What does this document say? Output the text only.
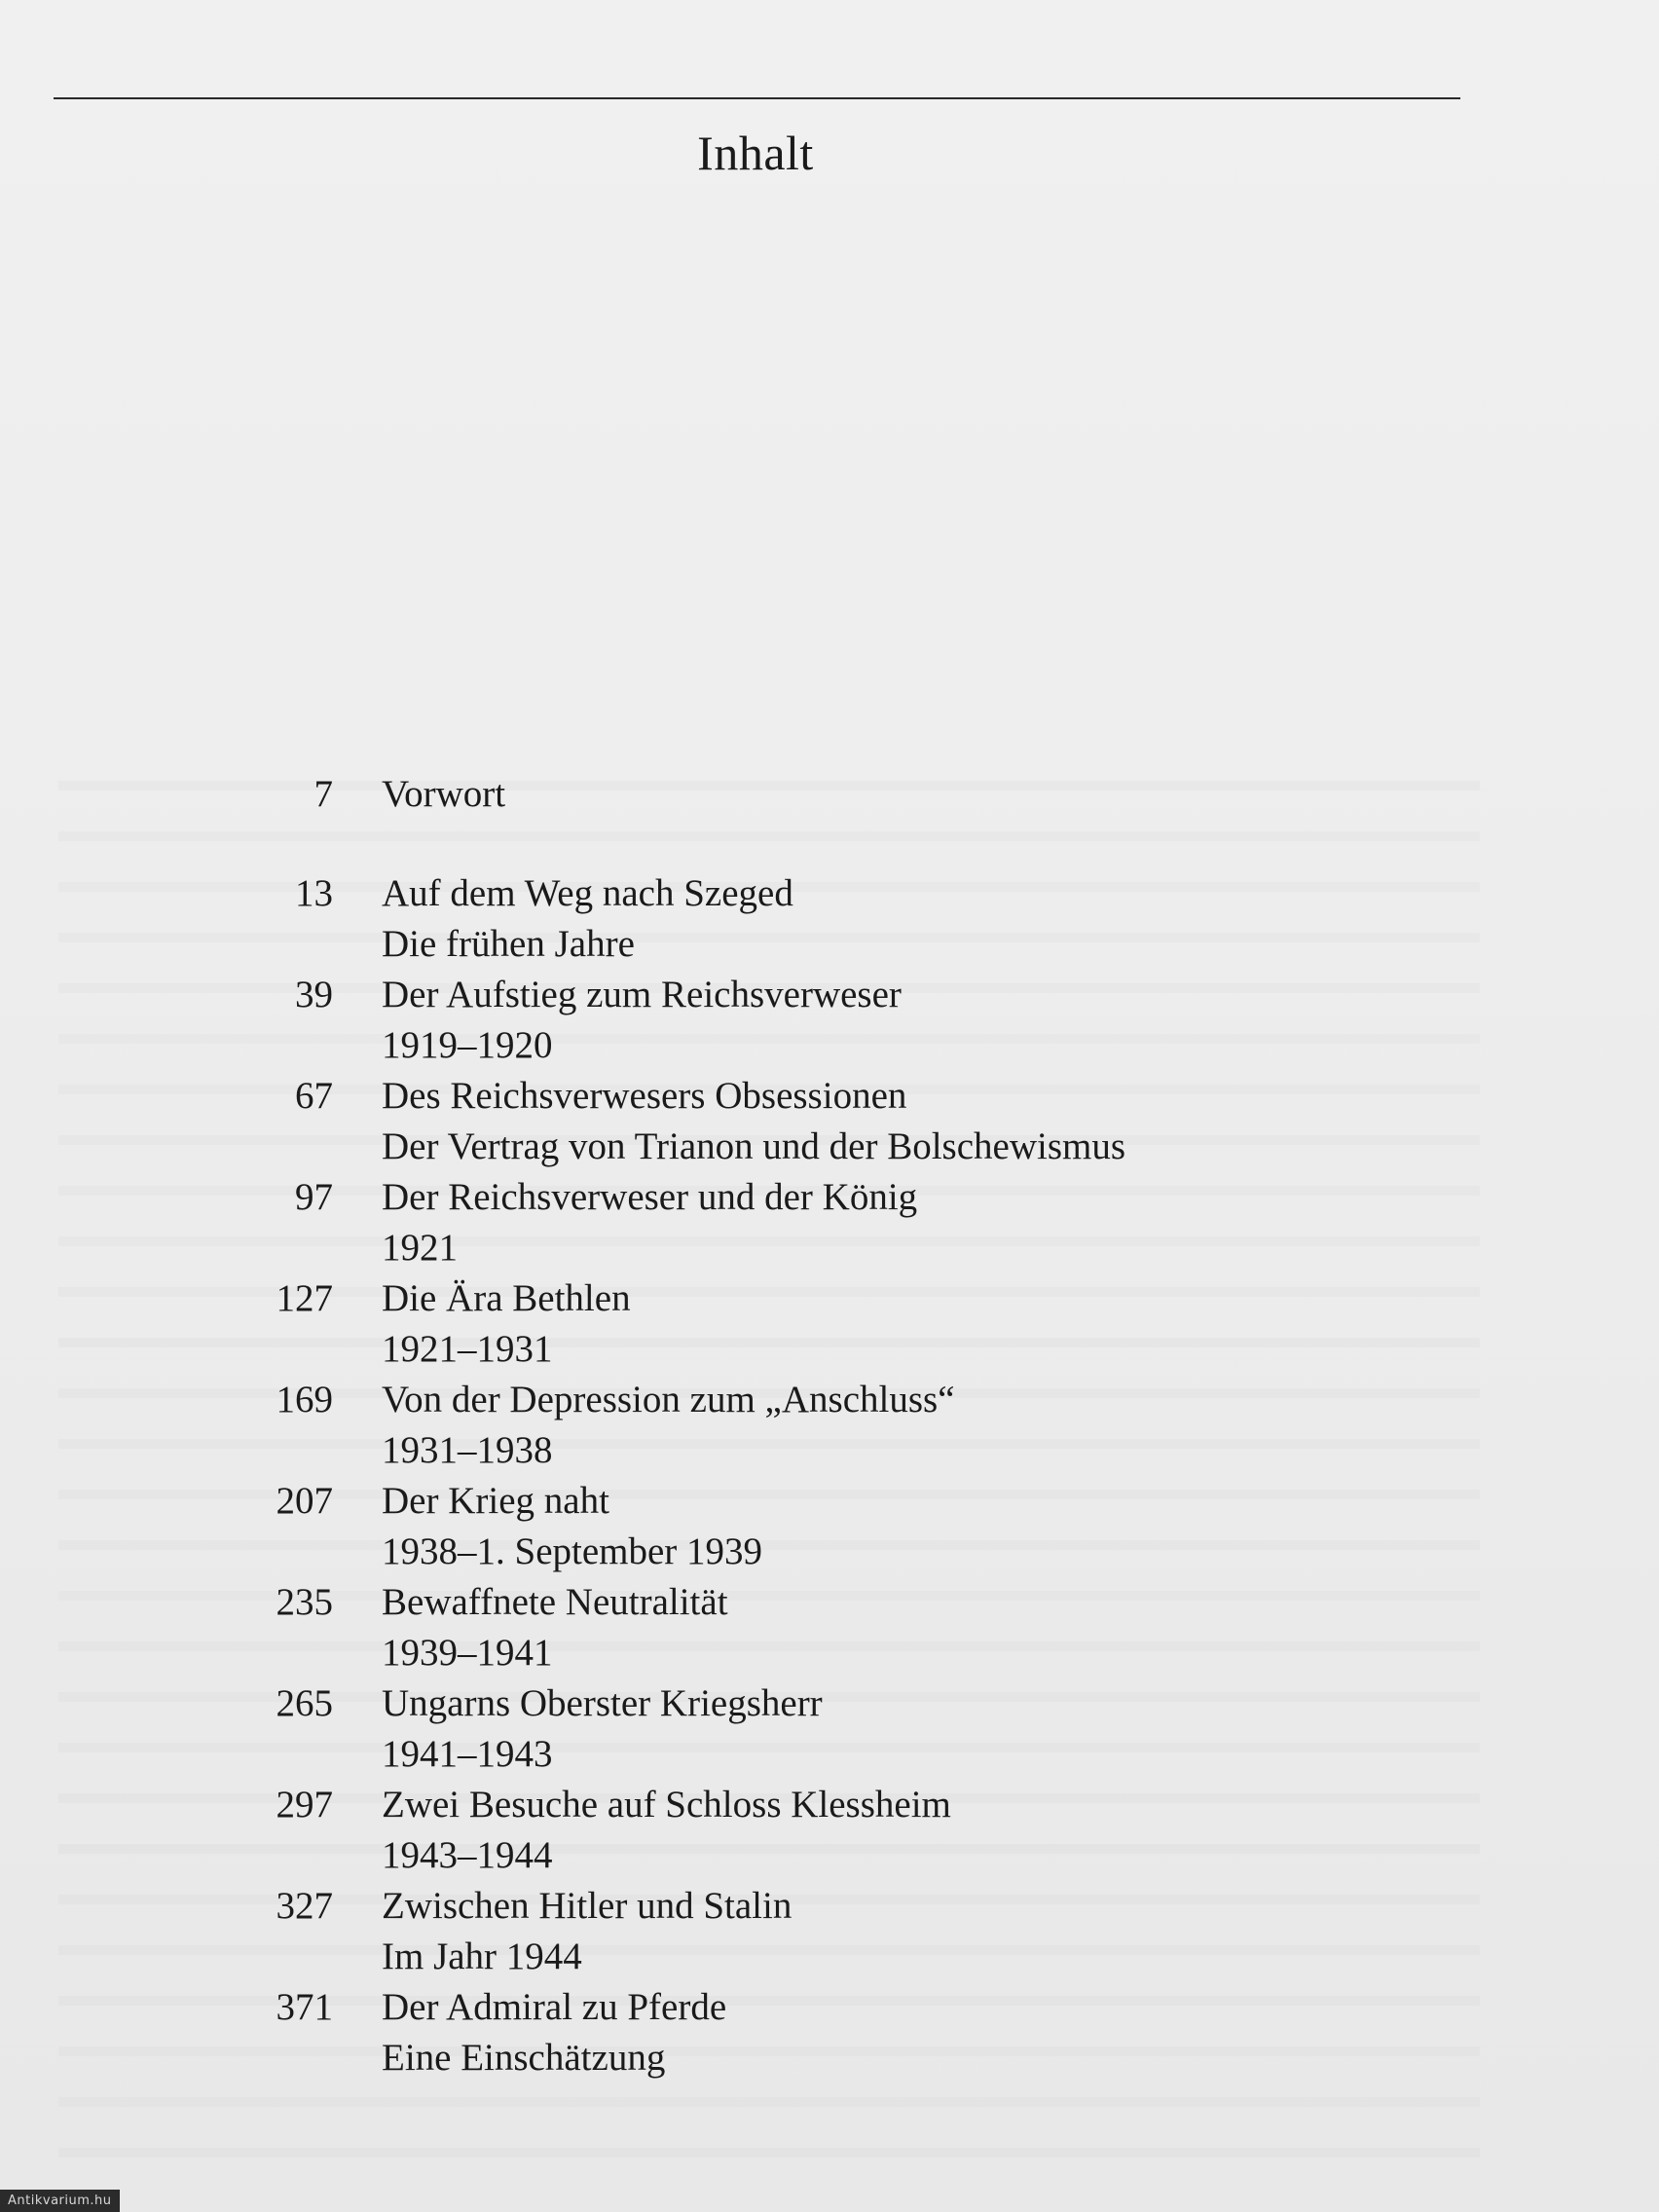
Inhalt
7 Vorwort
13 Auf dem Weg nach Szeged
Die frühen Jahre
39 Der Aufstieg zum Reichsverweser
1919–1920
67 Des Reichsverwesers Obsessionen
Der Vertrag von Trianon und der Bolschewismus
97 Der Reichsverweser und der König
1921
127 Die Ära Bethlen
1921–1931
169 Von der Depression zum „Anschluss“
1931–1938
207 Der Krieg naht
1938–1. September 1939
235 Bewaffnete Neutralität
1939–1941
265 Ungarns Oberster Kriegsherr
1941–1943
297 Zwei Besuche auf Schloss Klessheim
1943–1944
327 Zwischen Hitler und Stalin
Im Jahr 1944
371 Der Admiral zu Pferde
Eine Einschätzung
Antikvarium.hu
